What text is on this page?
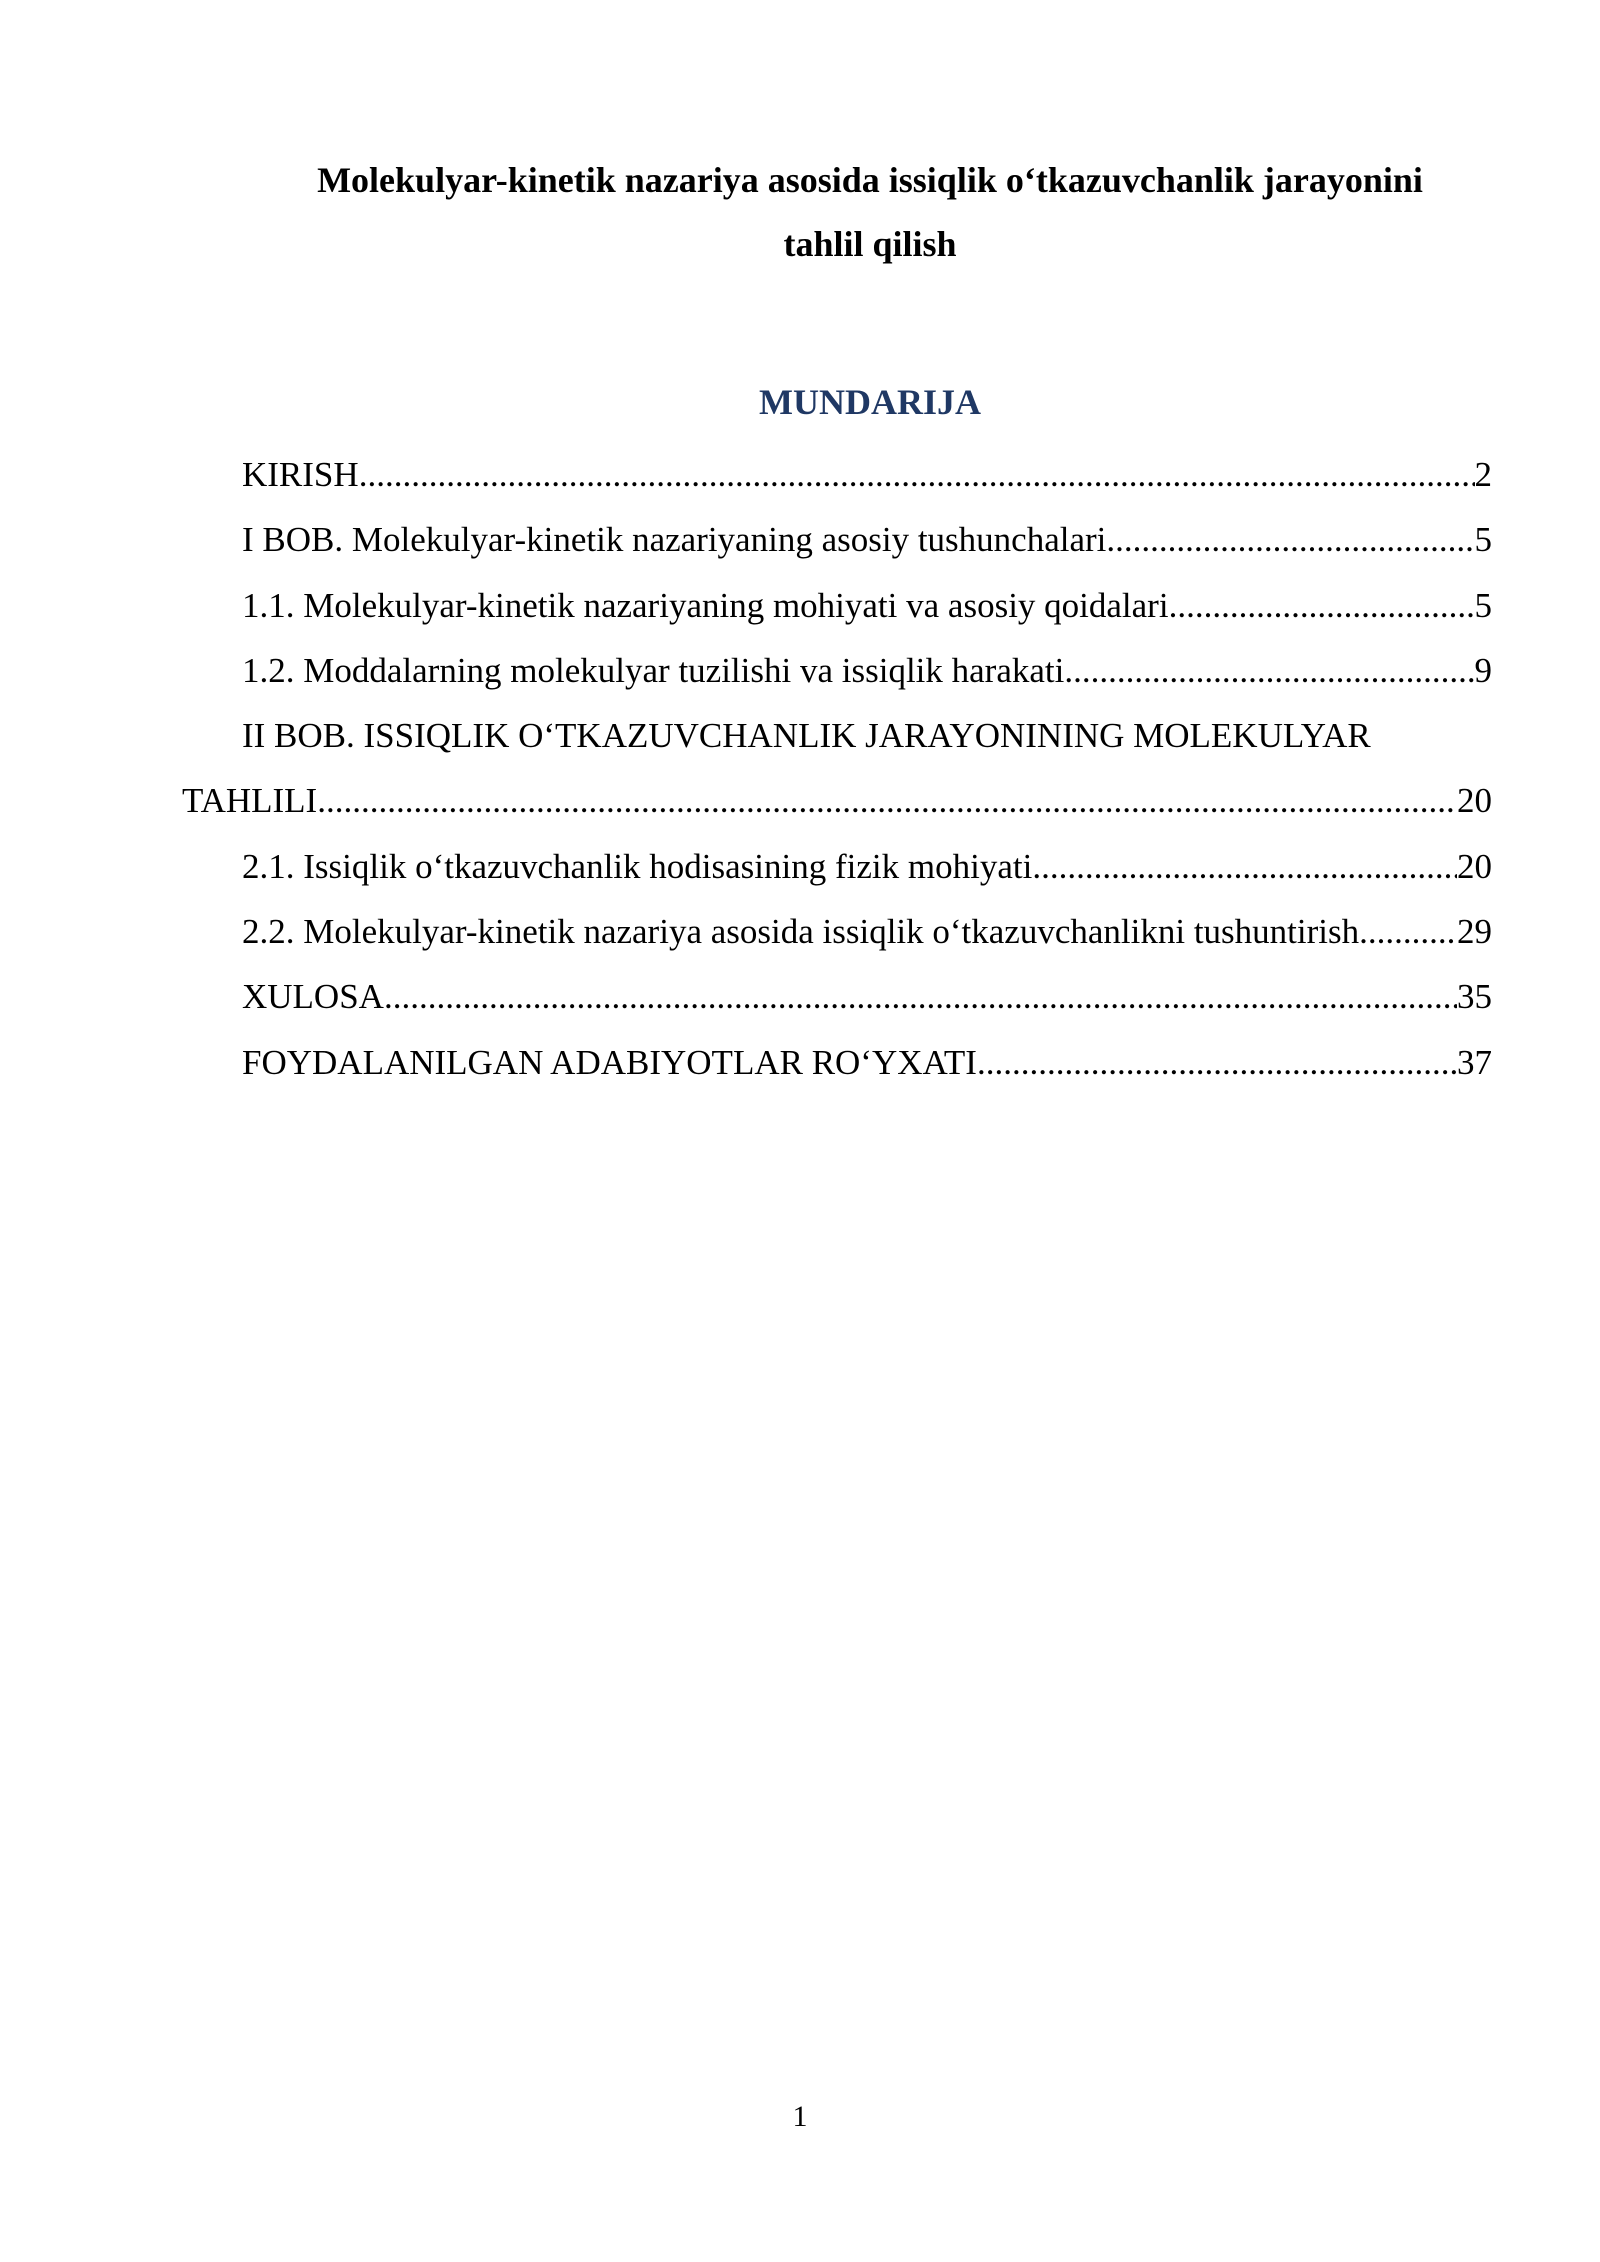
Molekulyar-kinetik nazariya asosida issiqlik o‘tkazuvchanlik jarayonini
tahlil qilish
MUNDARIJA
KIRISH .....	2
I BOB. Molekulyar-kinetik nazariyaning asosiy tushunchalari .....	5
1.1. Molekulyar-kinetik nazariyaning mohiyati va asosiy qoidalari .....	5
1.2. Moddalarning molekulyar tuzilishi va issiqlik harakati .....	9
II BOB. ISSIQLIK O‘TKAZUVCHANLIK JARAYONINING MOLEKULYAR
TAHLILI .....	20
2.1. Issiqlik o‘tkazuvchanlik hodisasining fizik mohiyati .....	20
2.2. Molekulyar-kinetik nazariya asosida issiqlik o‘tkazuvchanlikni tushuntirish .....	29
XULOSA .....	35
FOYDALANILGAN ADABIYOTLAR RO‘YXATI .....	37
1
